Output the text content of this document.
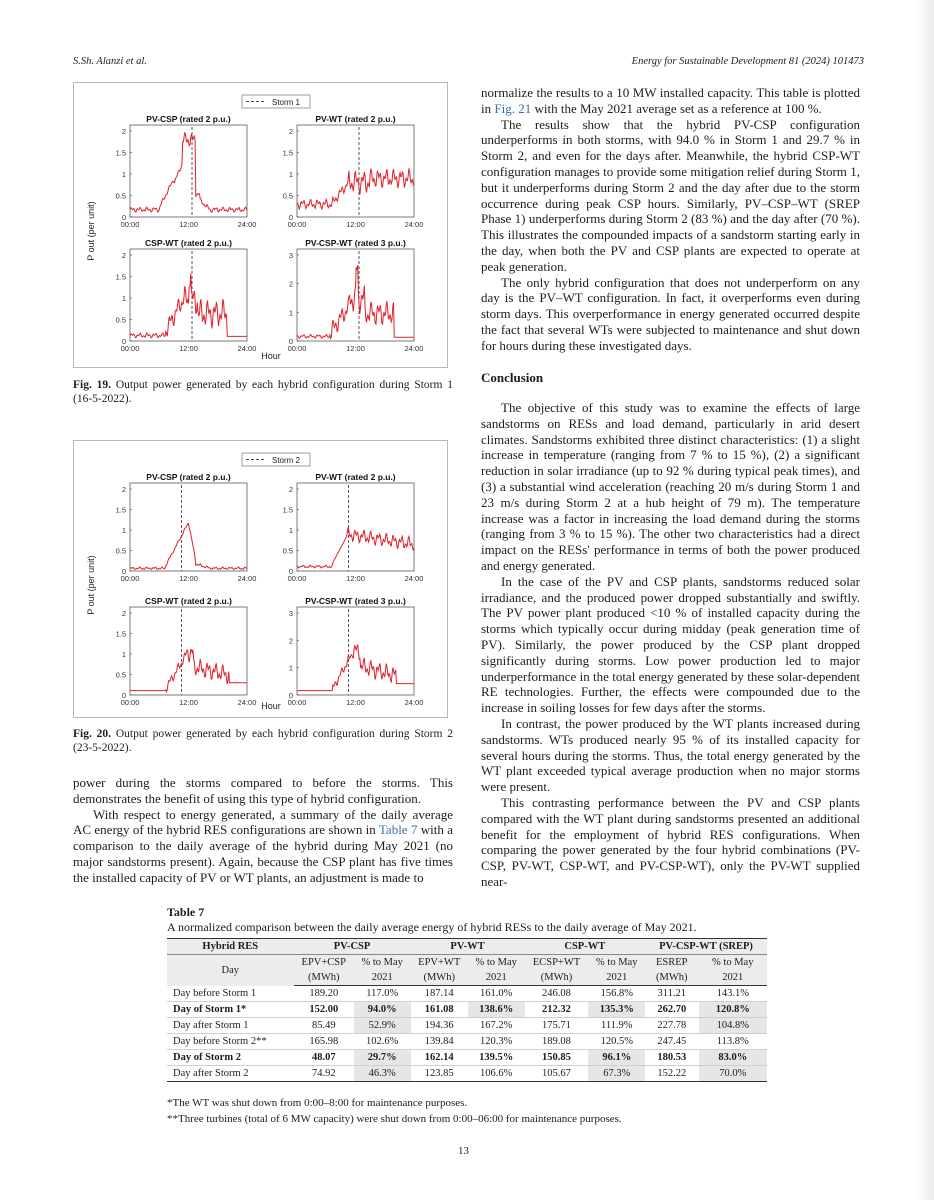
S.Sh. Alanzi et al.	Energy for Sustainable Development 81 (2024) 101473
Storm 1
P out (per unit)
Hour
PV-CSP (rated 2 p.u.)
2
1.5
1
0.5
0
00:00	12:00	24:00
PV-WT (rated 2 p.u.)
2
1.5
1
0.5
0
00:00	12:00	24:00
CSP-WT (rated 2 p.u.)
2
1.5
1
0.5
0
00:00	12:00	24:00
PV-CSP-WT (rated 3 p.u.)
3
2
1
0
00:00	12:00	24:00
Fig. 19. Output power generated by each hybrid configuration during Storm 1 (16-5-2022).
Storm 2
P out (per unit)
Hour
PV-CSP (rated 2 p.u.)
2
1.5
1
0.5
0
00:00	12:00	24:00
PV-WT (rated 2 p.u.)
2
1.5
1
0.5
0
00:00	12:00	24:00
CSP-WT (rated 2 p.u.)
2
1.5
1
0.5
0
00:00	12:00	24:00
PV-CSP-WT (rated 3 p.u.)
3
2
1
0
00:00	12:00	24:00
Fig. 20. Output power generated by each hybrid configuration during Storm 2 (23-5-2022).

power during the storms compared to before the storms. This demonstrates the benefit of using this type of hybrid configuration.

With respect to energy generated, a summary of the daily average AC energy of the hybrid RES configurations are shown in Table 7 with a comparison to the daily average of the hybrid during May 2021 (no major sandstorms present). Again, because the CSP plant has five times the installed capacity of PV or WT plants, an adjustment is made to

normalize the results to a 10 MW installed capacity. This table is plotted in Fig. 21 with the May 2021 average set as a reference at 100 %.

The results show that the hybrid PV-CSP configuration underperforms in both storms, with 94.0 % in Storm 1 and 29.7 % in Storm 2, and even for the days after. Meanwhile, the hybrid CSP-WT configuration manages to provide some mitigation relief during Storm 1, but it underperforms during Storm 2 and the day after due to the storm occurrence during peak CSP hours. Similarly, PV–CSP–WT (SREP Phase 1) underperforms during Storm 2 (83 %) and the day after (70 %). This illustrates the compounded impacts of a sandstorm starting early in the day, when both the PV and CSP plants are expected to operate at peak generation.

The only hybrid configuration that does not underperform on any day is the PV–WT configuration. In fact, it overperforms even during storm days. This overperformance in energy generated occurred despite the fact that several WTs were subjected to maintenance and shut down for hours during these investigated days.

Conclusion

The objective of this study was to examine the effects of large sandstorms on RESs and load demand, particularly in arid desert climates. Sandstorms exhibited three distinct characteristics: (1) a slight increase in temperature (ranging from 7 % to 15 %), (2) a significant reduction in solar irradiance (up to 92 % during typical peak times), and (3) a substantial wind acceleration (reaching 20 m/s during Storm 1 and 23 m/s during Storm 2 at a hub height of 79 m). The temperature increase was a factor in increasing the load demand during the storms (ranging from 3 % to 15 %). The other two characteristics had a direct impact on the RESs' performance in terms of both the power produced and energy generated.

In the case of the PV and CSP plants, sandstorms reduced solar irradiance, and the produced power dropped substantially and swiftly. The PV power plant produced <10 % of installed capacity during the storms which typically occur during midday (peak generation time of PV). Similarly, the power produced by the CSP plant dropped significantly during storms. Low power production led to major underperformance in the total energy generated by these solar-dependent RE technologies. Further, the effects were compounded due to the increase in soiling losses for few days after the storms.

In contrast, the power produced by the WT plants increased during sandstorms. WTs produced nearly 95 % of its installed capacity for several hours during the storms. Thus, the total energy generated by the WT plant exceeded typical average production when no major storms were present.

This contrasting performance between the PV and CSP plants compared with the WT plant during sandstorms presented an additional benefit for the employment of hybrid RES configurations. When comparing the power generated by the four hybrid combinations (PV-CSP, PV-WT, CSP-WT, and PV-CSP-WT), only the PV-WT supplied near-

Table 7
A normalized comparison between the daily average energy of hybrid RESs to the daily average of May 2021.
Hybrid RES	PV-CSP		PV-WT		CSP-WT		PV-CSP-WT (SREP)	
Day	EPV+CSP	% to May	EPV+WT	% to May	ECSP+WT	% to May	ESREP	% to May
	(MWh)	2021	(MWh)	2021	(MWh)	2021	(MWh)	2021
Day before Storm 1	189.20	117.0%	187.14	161.0%	246.08	156.8%	311.21	143.1%
Day of Storm 1*	152.00	94.0%	161.08	138.6%	212.32	135.3%	262.70	120.8%
Day after Storm 1	85.49	52.9%	194.36	167.2%	175.71	111.9%	227.78	104.8%
Day before Storm 2**	165.98	102.6%	139.84	120.3%	189.08	120.5%	247.45	113.8%
Day of Storm 2	48.07	29.7%	162.14	139.5%	150.85	96.1%	180.53	83.0%
Day after Storm 2	74.92	46.3%	123.85	106.6%	105.67	67.3%	152.22	70.0%
*The WT was shut down from 0:00–8:00 for maintenance purposes.
**Three turbines (total of 6 MW capacity) were shut down from 0:00–06:00 for maintenance purposes.
13
